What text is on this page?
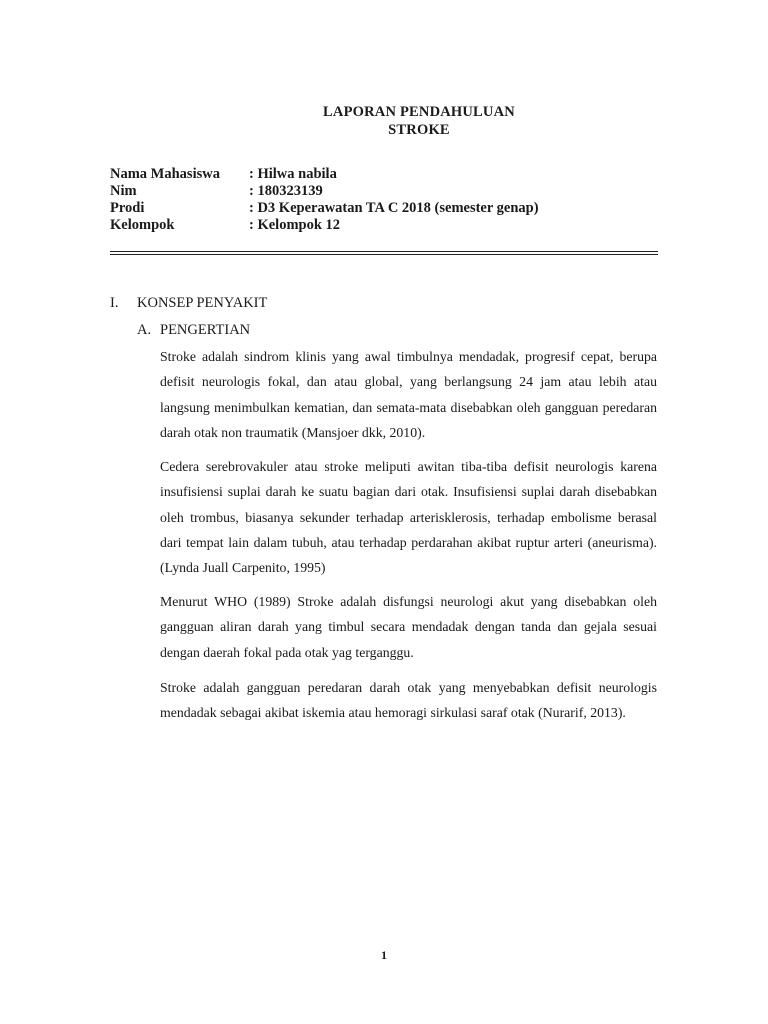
LAPORAN PENDAHULUAN
STROKE
Nama Mahasiswa	: Hilwa nabila
Nim	: 180323139
Prodi	: D3 Keperawatan TA C 2018 (semester genap)
Kelompok	: Kelompok 12
I. KONSEP PENYAKIT
A. PENGERTIAN

Stroke adalah sindrom klinis yang awal timbulnya mendadak, progresif cepat, berupa defisit neurologis fokal, dan atau global, yang berlangsung 24 jam atau lebih atau langsung menimbulkan kematian, dan semata-mata disebabkan oleh gangguan peredaran darah otak non traumatik (Mansjoer dkk, 2010).

Cedera serebrovakuler atau stroke meliputi awitan tiba-tiba defisit neurologis karena insufisiensi suplai darah ke suatu bagian dari otak. Insufisiensi suplai darah disebabkan oleh trombus, biasanya sekunder terhadap arterisklerosis, terhadap embolisme berasal dari tempat lain dalam tubuh, atau terhadap perdarahan akibat ruptur arteri (aneurisma). (Lynda Juall Carpenito, 1995)

Menurut WHO (1989) Stroke adalah disfungsi neurologi akut yang disebabkan oleh gangguan aliran darah yang timbul secara mendadak dengan tanda dan gejala sesuai dengan daerah fokal pada otak yag terganggu.

Stroke adalah gangguan peredaran darah otak yang menyebabkan defisit neurologis mendadak sebagai akibat iskemia atau hemoragi sirkulasi saraf otak (Nurarif, 2013).

1
